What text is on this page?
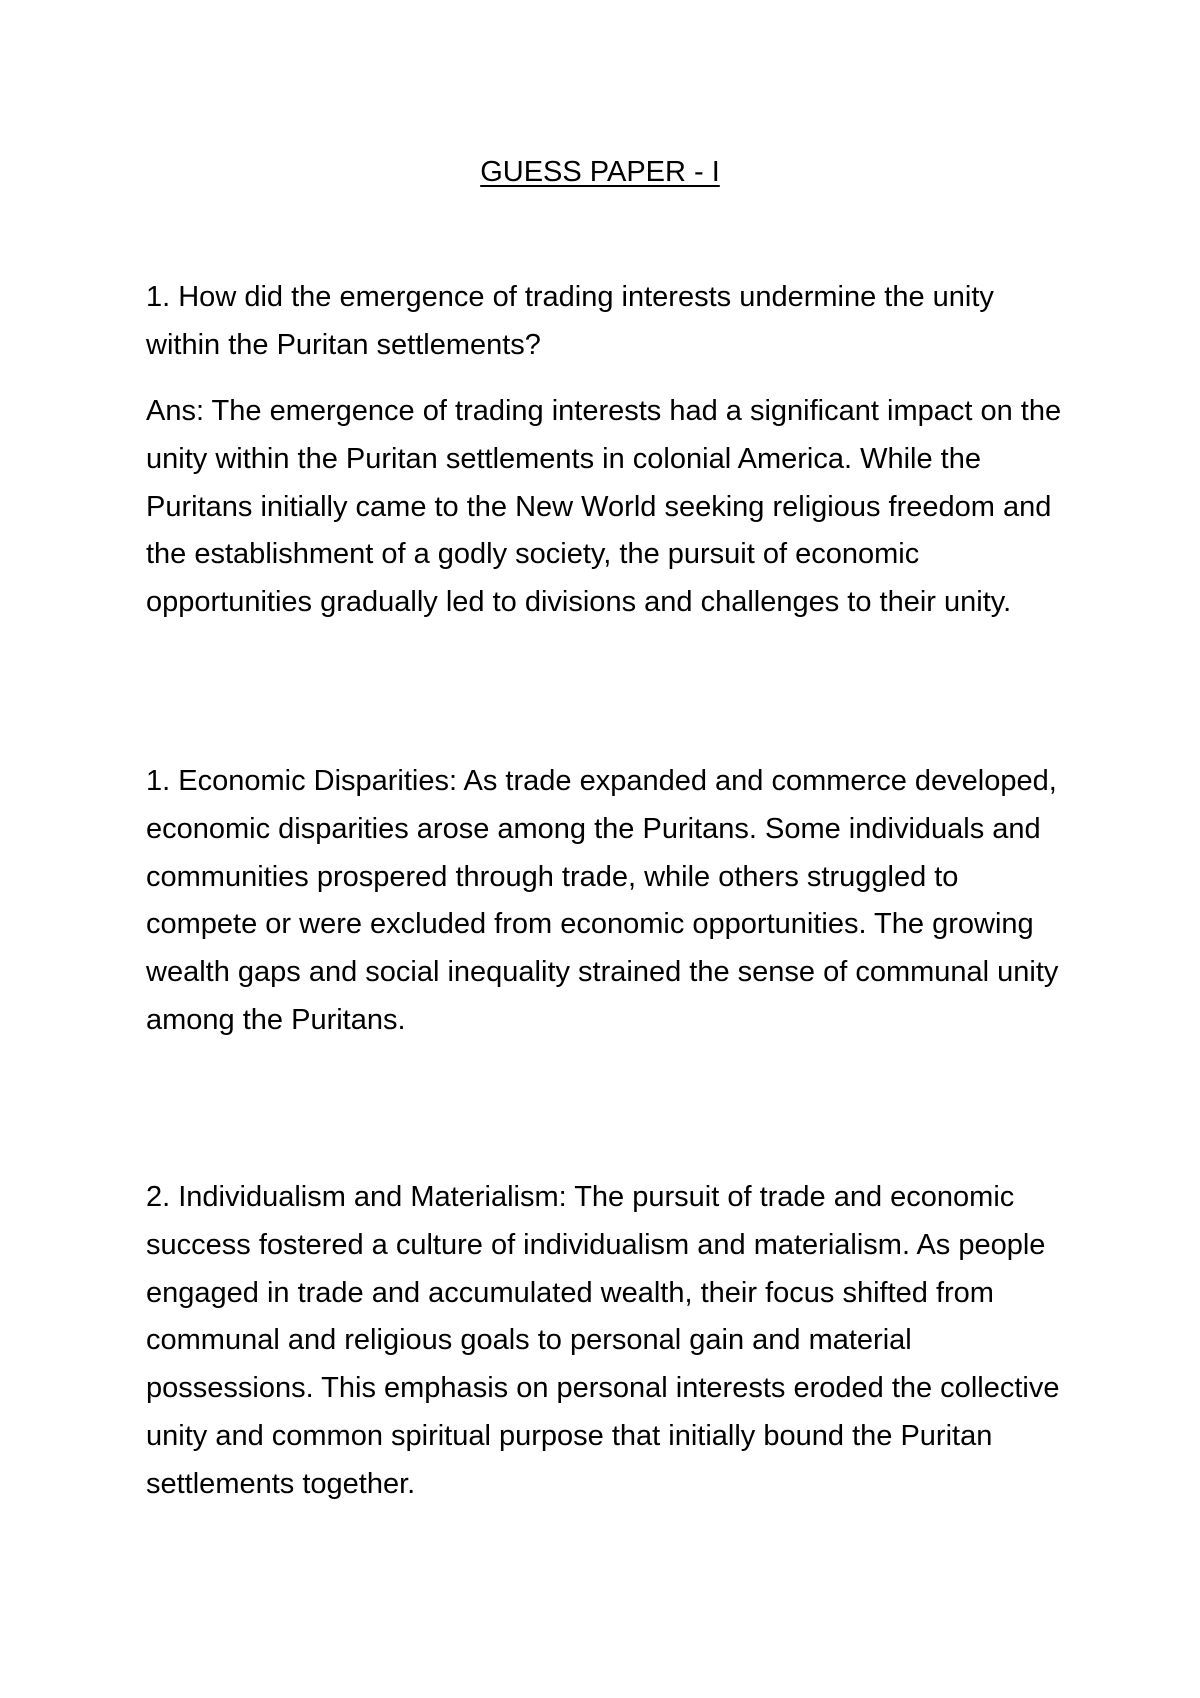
GUESS PAPER - I

1. How did the emergence of trading interests undermine the unity within the Puritan settlements?

Ans: The emergence of trading interests had a significant impact on the unity within the Puritan settlements in colonial America. While the Puritans initially came to the New World seeking religious freedom and the establishment of a godly society, the pursuit of economic opportunities gradually led to divisions and challenges to their unity.

1. Economic Disparities: As trade expanded and commerce developed, economic disparities arose among the Puritans. Some individuals and communities prospered through trade, while others struggled to compete or were excluded from economic opportunities. The growing wealth gaps and social inequality strained the sense of communal unity among the Puritans.

2. Individualism and Materialism: The pursuit of trade and economic success fostered a culture of individualism and materialism. As people engaged in trade and accumulated wealth, their focus shifted from communal and religious goals to personal gain and material possessions. This emphasis on personal interests eroded the collective unity and common spiritual purpose that initially bound the Puritan settlements together.
